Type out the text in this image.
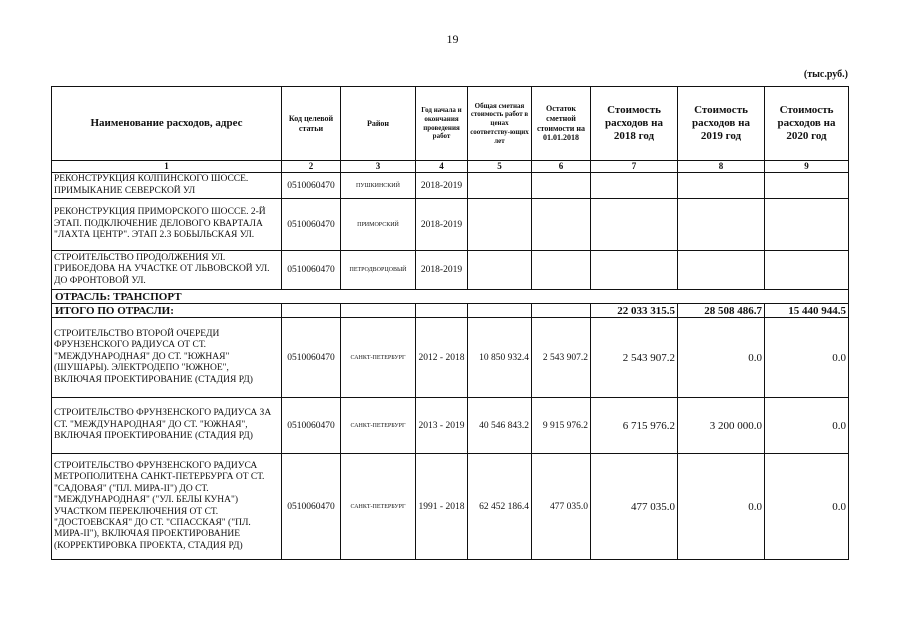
19
(тыс.руб.)
Наименование расходов, адрес	Код целевой статьи	Район	Год начала и окончания проведения работ	Общая сметная стоимость работ в ценах соответству-ющих лет	Остаток сметной стоимости на 01.01.2018	Стоимость расходов на 2018 год	Стоимость расходов на 2019 год	Стоимость расходов на 2020 год
1	2	3	4	5	6	7	8	9
РЕКОНСТРУКЦИЯ КОЛПИНСКОГО ШОССЕ. ПРИМЫКАНИЕ СЕВЕРСКОЙ УЛ	0510060470	ПУШКИНСКИЙ	2018-2019					
РЕКОНСТРУКЦИЯ ПРИМОРСКОГО ШОССЕ. 2-Й ЭТАП. ПОДКЛЮЧЕНИЕ ДЕЛОВОГО КВАРТАЛА "ЛАХТА ЦЕНТР". ЭТАП 2.3 БОБЫЛЬСКАЯ УЛ.	0510060470	ПРИМОРСКИЙ	2018-2019					
СТРОИТЕЛЬСТВО ПРОДОЛЖЕНИЯ УЛ. ГРИБОЕДОВА НА УЧАСТКЕ ОТ ЛЬВОВСКОЙ УЛ. ДО ФРОНТОВОЙ УЛ.	0510060470	ПЕТРОДВОРЦОВЫЙ	2018-2019					
ОТРАСЛЬ: ТРАНСПОРТ								
ИТОГО ПО ОТРАСЛИ:						22 033 315.5	28 508 486.7	15 440 944.5
СТРОИТЕЛЬСТВО ВТОРОЙ ОЧЕРЕДИ ФРУНЗЕНСКОГО РАДИУСА ОТ СТ. "МЕЖДУНАРОДНАЯ" ДО СТ. "ЮЖНАЯ" (ШУШАРЫ). ЭЛЕКТРОДЕПО "ЮЖНОЕ", ВКЛЮЧАЯ ПРОЕКТИРОВАНИЕ (СТАДИЯ РД)	0510060470	САНКТ-ПЕТЕРБУРГ	2012 - 2018	10 850 932.4	2 543 907.2	2 543 907.2	0.0	0.0
СТРОИТЕЛЬСТВО ФРУНЗЕНСКОГО РАДИУСА ЗА СТ. "МЕЖДУНАРОДНАЯ" ДО СТ. "ЮЖНАЯ", ВКЛЮЧАЯ ПРОЕКТИРОВАНИЕ (СТАДИЯ РД)	0510060470	САНКТ-ПЕТЕРБУРГ	2013 - 2019	40 546 843.2	9 915 976.2	6 715 976.2	3 200 000.0	0.0
СТРОИТЕЛЬСТВО ФРУНЗЕНСКОГО РАДИУСА МЕТРОПОЛИТЕНА САНКТ-ПЕТЕРБУРГА ОТ СТ. "САДОВАЯ" ("ПЛ. МИРА-II") ДО СТ. "МЕЖДУНАРОДНАЯ" ("УЛ. БЕЛЫ КУНА") УЧАСТКОМ ПЕРЕКЛЮЧЕНИЯ ОТ СТ. "ДОСТОЕВСКАЯ" ДО СТ. "СПАССКАЯ" ("ПЛ. МИРА-II"), ВКЛЮЧАЯ ПРОЕКТИРОВАНИЕ (КОРРЕКТИРОВКА ПРОЕКТА, СТАДИЯ РД)	0510060470	САНКТ-ПЕТЕРБУРГ	1991 - 2018	62 452 186.4	477 035.0	477 035.0	0.0	0.0
